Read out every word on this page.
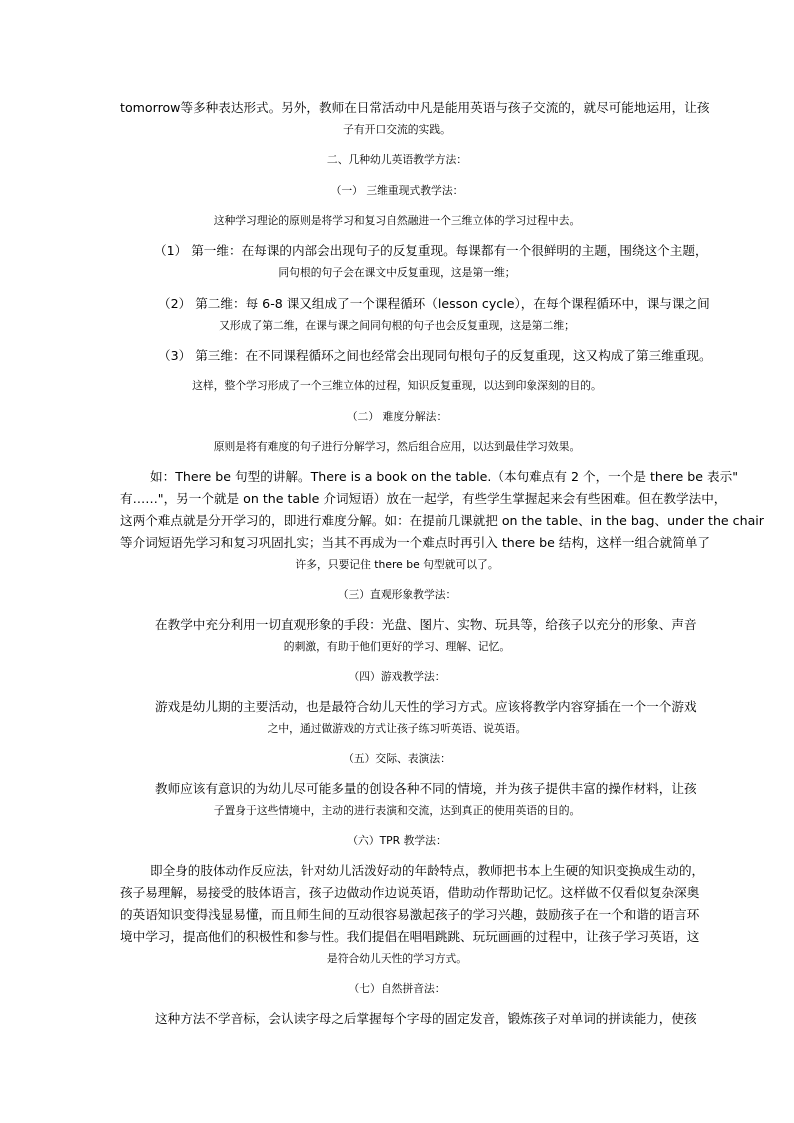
tomorrow等多种表达形式。另外，教师在日常活动中凡是能用英语与孩子交流的，就尽可能地运用，让孩
子有开口交流的实践。
二、几种幼儿英语教学方法：
（一） 三维重现式教学法：
这种学习理论的原则是将学习和复习自然融进一个三维立体的学习过程中去。
（1） 第一维：在每课的内部会出现句子的反复重现。每课都有一个很鲜明的主题，围绕这个主题，
同句根的句子会在课文中反复重现，这是第一维；
（2） 第二维：每 6-8 课又组成了一个课程循环（lesson cycle），在每个课程循环中，课与课之间
又形成了第二维，在课与课之间同句根的句子也会反复重现，这是第二维；
（3） 第三维：在不同课程循环之间也经常会出现同句根句子的反复重现，这又构成了第三维重现。
这样，整个学习形成了一个三维立体的过程，知识反复重现，以达到印象深刻的目的。
（二） 难度分解法：
原则是将有难度的句子进行分解学习，然后组合应用，以达到最佳学习效果。
如：There be 句型的讲解。There is a book on the table.（本句难点有 2 个，一个是 there be 表示"
有……"，另一个就是 on the table 介词短语）放在一起学，有些学生掌握起来会有些困难。但在教学法中，
这两个难点就是分开学习的，即进行难度分解。如：在提前几课就把 on the table、in the bag、under the chair
等介词短语先学习和复习巩固扎实；当其不再成为一个难点时再引入 there be 结构，这样一组合就简单了
许多，只要记住 there be 句型就可以了。
（三）直观形象教学法：
在教学中充分利用一切直观形象的手段：光盘、图片、实物、玩具等，给孩子以充分的形象、声音
的刺激，有助于他们更好的学习、理解、记忆。
（四）游戏教学法：
游戏是幼儿期的主要活动，也是最符合幼儿天性的学习方式。应该将教学内容穿插在一个一个游戏
之中，通过做游戏的方式让孩子练习听英语、说英语。
（五）交际、表演法：
教师应该有意识的为幼儿尽可能多量的创设各种不同的情境，并为孩子提供丰富的操作材料，让孩
子置身于这些情境中，主动的进行表演和交流，达到真正的使用英语的目的。
（六）TPR 教学法：
即全身的肢体动作反应法，针对幼儿活泼好动的年龄特点，教师把书本上生硬的知识变换成生动的，
孩子易理解，易接受的肢体语言，孩子边做动作边说英语，借助动作帮助记忆。这样做不仅看似复杂深奥
的英语知识变得浅显易懂，而且师生间的互动很容易激起孩子的学习兴趣，鼓励孩子在一个和谐的语言环
境中学习，提高他们的积极性和参与性。我们提倡在唱唱跳跳、玩玩画画的过程中，让孩子学习英语，这
是符合幼儿天性的学习方式。
（七）自然拼音法：
这种方法不学音标，会认读字母之后掌握每个字母的固定发音，锻炼孩子对单词的拼读能力，使孩
